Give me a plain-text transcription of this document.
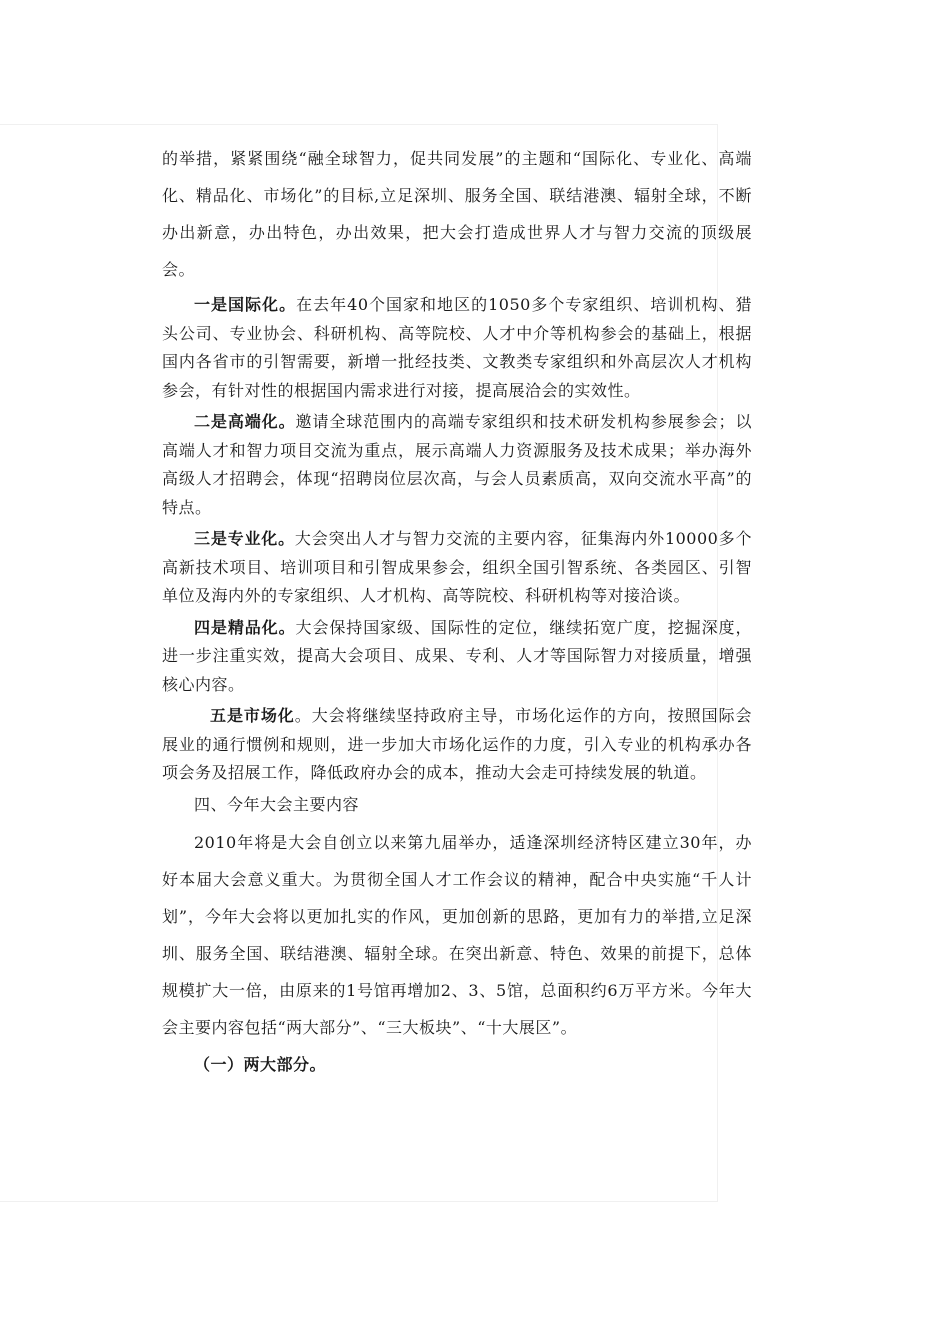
的举措，紧紧围绕“融全球智力，促共同发展”的主题和“国际化、专业化、高端化、精品化、市场化”的目标,立足深圳、服务全国、联结港澳、辐射全球，不断办出新意，办出特色，办出效果，把大会打造成世界人才与智力交流的顶级展会。

一是国际化。在去年40个国家和地区的1050多个专家组织、培训机构、猎头公司、专业协会、科研机构、高等院校、人才中介等机构参会的基础上，根据国内各省市的引智需要，新增一批经技类、文教类专家组织和外高层次人才机构参会，有针对性的根据国内需求进行对接，提高展洽会的实效性。

二是高端化。邀请全球范围内的高端专家组织和技术研发机构参展参会；以高端人才和智力项目交流为重点，展示高端人力资源服务及技术成果；举办海外高级人才招聘会，体现“招聘岗位层次高，与会人员素质高，双向交流水平高”的特点。

三是专业化。大会突出人才与智力交流的主要内容，征集海内外10000多个高新技术项目、培训项目和引智成果参会，组织全国引智系统、各类园区、引智单位及海内外的专家组织、人才机构、高等院校、科研机构等对接洽谈。

四是精品化。大会保持国家级、国际性的定位，继续拓宽广度，挖掘深度，进一步注重实效，提高大会项目、成果、专利、人才等国际智力对接质量，增强核心内容。

五是市场化。大会将继续坚持政府主导，市场化运作的方向，按照国际会展业的通行惯例和规则，进一步加大市场化运作的力度，引入专业的机构承办各项会务及招展工作，降低政府办会的成本，推动大会走可持续发展的轨道。

四、今年大会主要内容

2010年将是大会自创立以来第九届举办，适逢深圳经济特区建立30年，办好本届大会意义重大。为贯彻全国人才工作会议的精神，配合中央实施“千人计划”，今年大会将以更加扎实的作风，更加创新的思路，更加有力的举措,立足深圳、服务全国、联结港澳、辐射全球。在突出新意、特色、效果的前提下，总体规模扩大一倍，由原来的1号馆再增加2、3、5馆，总面积约6万平方米。今年大会主要内容包括“两大部分”、“三大板块”、“十大展区”。

（一）两大部分。
